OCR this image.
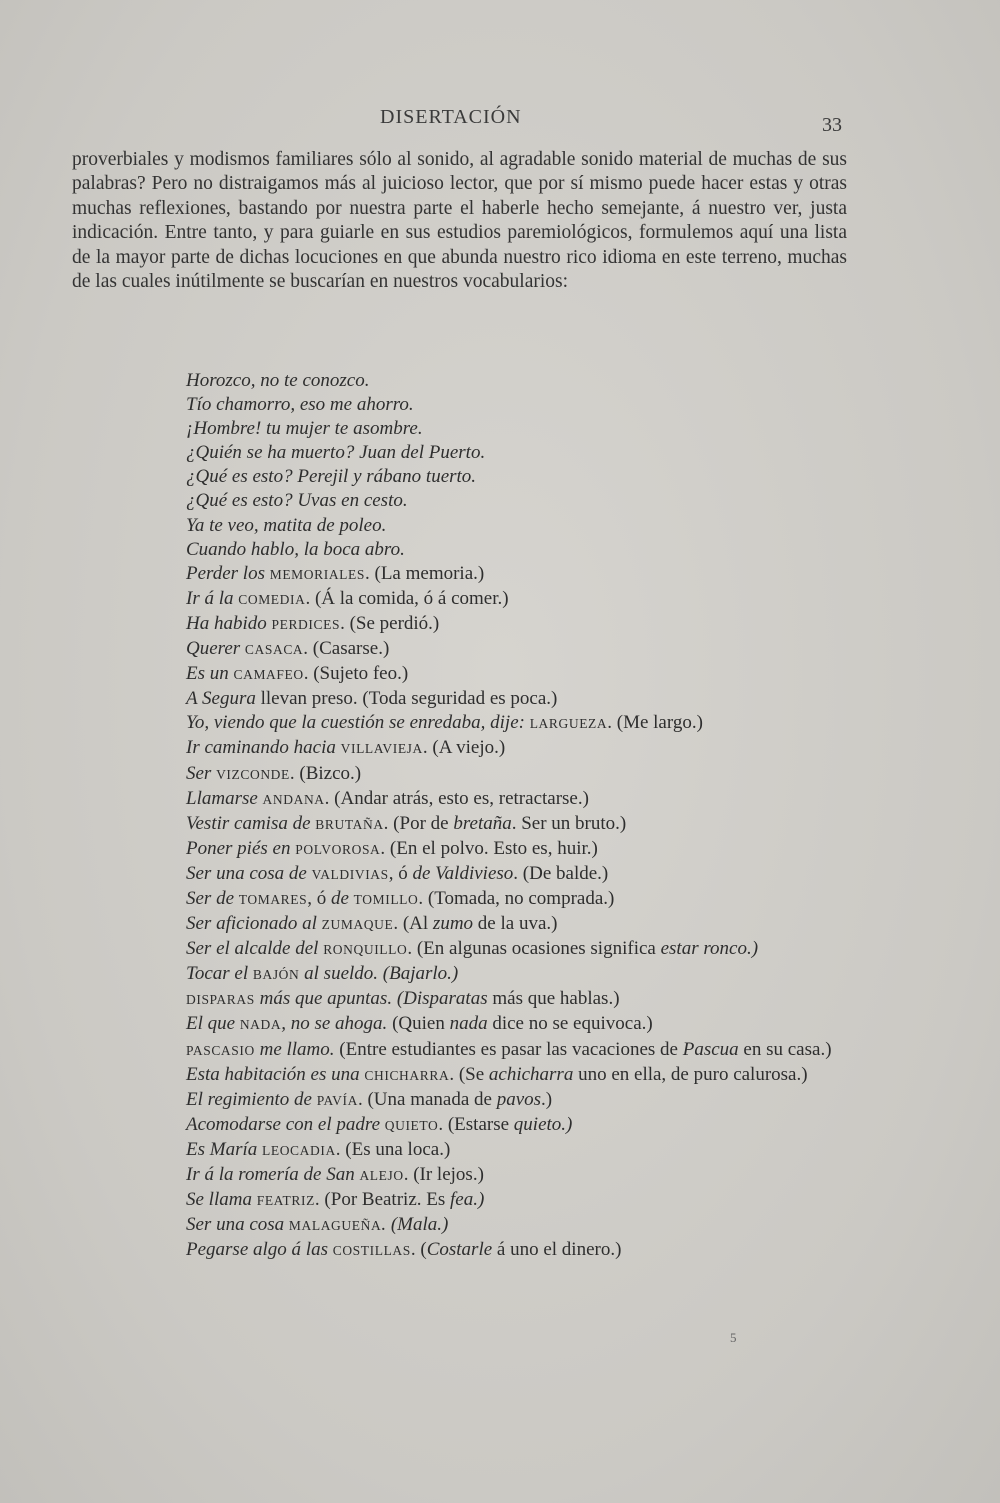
DISERTACIÓN	33

proverbiales y modismos familiares sólo al sonido, al agradable sonido material de muchas de sus palabras? Pero no distraigamos más al juicioso lector, que por sí mismo puede hacer estas y otras muchas reflexiones, bastando por nuestra parte el haberle hecho semejante, á nuestro ver, justa indicación. Entre tanto, y para guiarle en sus estudios paremiológicos, formulemos aquí una lista de la mayor parte de dichas locuciones en que abunda nuestro rico idioma en este terreno, muchas de las cuales inútilmente se buscarían en nuestros vocabularios:

Horozco, no te conozco.
Tío chamorro, eso me ahorro.
¡Hombre! tu mujer te asombre.
¿Quién se ha muerto? Juan del Puerto.
¿Qué es esto? Perejil y rábano tuerto.
¿Qué es esto? Uvas en cesto.
Ya te veo, matita de poleo.
Cuando hablo, la boca abro.
Perder los MEMORIALES. (La memoria.)
Ir á la COMEDIA. (Á la comida, ó á comer.)
Ha habido PERDICES. (Se perdió.)
Querer CASACA. (Casarse.)
Es un CAMAFEO. (Sujeto feo.)
A Segura llevan preso. (Toda seguridad es poca.)
Yo, viendo que la cuestión se enredaba, dije: LARGUEZA. (Me largo.)
Ir caminando hacia VILLAVIEJA. (A viejo.)
Ser VIZCONDE. (Bizco.)
Llamarse ANDANA. (Andar atrás, esto es, retractarse.)
Vestir camisa de BRUTAÑA. (Por de bretaña. Ser un bruto.)
Poner piés en POLVOROSA. (En el polvo. Esto es, huir.)
Ser una cosa de VALDIVIAS, ó de Valdivieso. (De balde.)
Ser de TOMARES, ó de TOMILLO. (Tomada, no comprada.)
Ser aficionado al ZUMAQUE. (Al zumo de la uva.)
Ser el alcalde del RONQUILLO. (En algunas ocasiones significa estar ronco.)
Tocar el BAJÓN al sueldo. (Bajarlo.)
DISPARAS más que apuntas. (Disparatas más que hablas.)
El que NADA, no se ahoga. (Quien nada dice no se equivoca.)
PASCASIO me llamo. (Entre estudiantes es pasar las vacaciones de Pascua en su casa.)
Esta habitación es una CHICHARRA. (Se achicharra uno en ella, de puro calurosa.)
El regimiento de PAVÍA. (Una manada de pavos.)
Acomodarse con el padre QUIETO. (Estarse quieto.)
Es María LEOCADIA. (Es una loca.)
Ir á la romería de San ALEJO. (Ir lejos.)
Se llama FEATRIZ. (Por Beatriz. Es fea.)
Ser una cosa MALAGUEÑA. (Mala.)
Pegarse algo á las COSTILLAS. (Costarle á uno el dinero.)
5
